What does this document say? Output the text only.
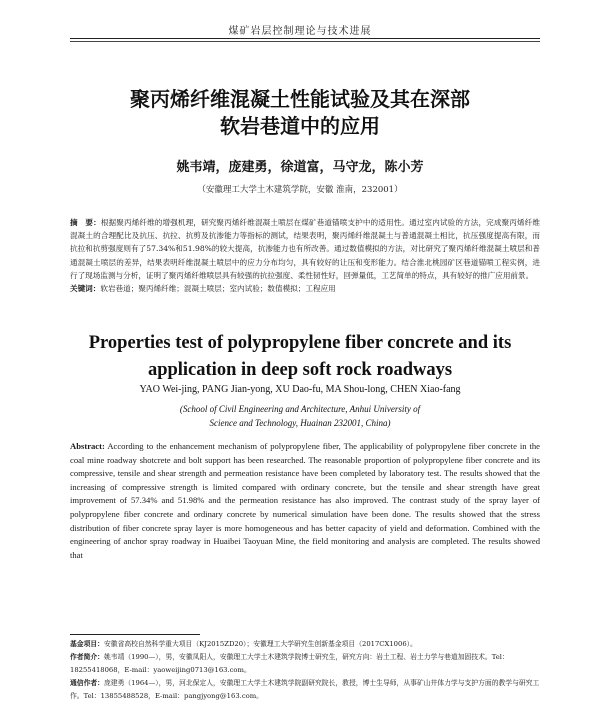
煤矿岩层控制理论与技术进展
聚丙烯纤维混凝土性能试验及其在深部
软岩巷道中的应用
姚韦靖，庞建勇，徐道富，马守龙，陈小芳
（安徽理工大学土木建筑学院，安徽 淮南，232001）

摘　要：根据聚丙烯纤维的增强机理，研究聚丙烯纤维混凝土喷层在煤矿巷道锚喷支护中的适用性。通过室内试验的方法，完成聚丙烯纤维混凝土的合理配比及抗压、抗拉、抗剪及抗渗能力等指标的测试，结果表明，聚丙烯纤维混凝土与普通混凝土相比，抗压强度提高有限，而抗拉和抗剪强度则有了57.34%和51.98%的较大提高，抗渗能力也有所改善。通过数值模拟的方法，对比研究了聚丙烯纤维混凝土喷层和普通混凝土喷层的差异，结果表明纤维混凝土喷层中的应力分布均匀，具有较好的让压和变形能力。结合淮北桃园矿区巷道锚喷工程实例，进行了现场监测与分析，证明了聚丙烯纤维喷层具有较强的抗拉强度、柔性韧性好，回弹量低，工艺简单的特点，具有较好的推广应用前景。

关键词：软岩巷道；聚丙烯纤维；混凝土喷层；室内试验；数值模拟；工程应用

Properties test of polypropylene fiber concrete and its
application in deep soft rock roadways
YAO Wei-jing, PANG Jian-yong, XU Dao-fu, MA Shou-long, CHEN Xiao-fang
(School of Civil Engineering and Architecture, Anhui University of
Science and Technology, Huainan 232001, China)

Abstract: According to the enhancement mechanism of polypropylene fiber, The applicability of polypropylene fiber concrete in the coal mine roadway shotcrete and bolt support has been researched. The reasonable proportion of polypropylene fiber concrete and its compressive, tensile and shear strength and permeation resistance have been completed by laboratory test. The results showed that the increasing of compressive strength is limited compared with ordinary concrete, but the tensile and shear strength have great improvement of 57.34% and 51.98% and the permeation resistance has also improved. The contrast study of the spray layer of polypropylene fiber concrete and ordinary concrete by numerical simulation have been done. The results showed that the stress distribution of fiber concrete spray layer is more homogeneous and has better capacity of yield and deformation. Combined with the engineering of anchor spray roadway in Huaibei Taoyuan Mine, the field monitoring and analysis are completed. The results showed that

基金项目：安徽省高校自然科学重大项目（KJ2015ZD20）；安徽理工大学研究生创新基金项目（2017CX1006）。

作者简介：姚韦靖（1990—），男，安徽凤阳人，安徽理工大学土木建筑学院博士研究生，研究方向：岩土工程、岩土力学与巷道加固技术。Tel：18255418068，E-mail：yaoweijing0713@163.com。

通信作者：庞建勇（1964—），男，河北保定人，安徽理工大学土木建筑学院副研究院长，教授，博士生导师，从事矿山井体力学与支护方面的教学与研究工作。Tel：13855488528，E-mail：pangjyong@163.com。
